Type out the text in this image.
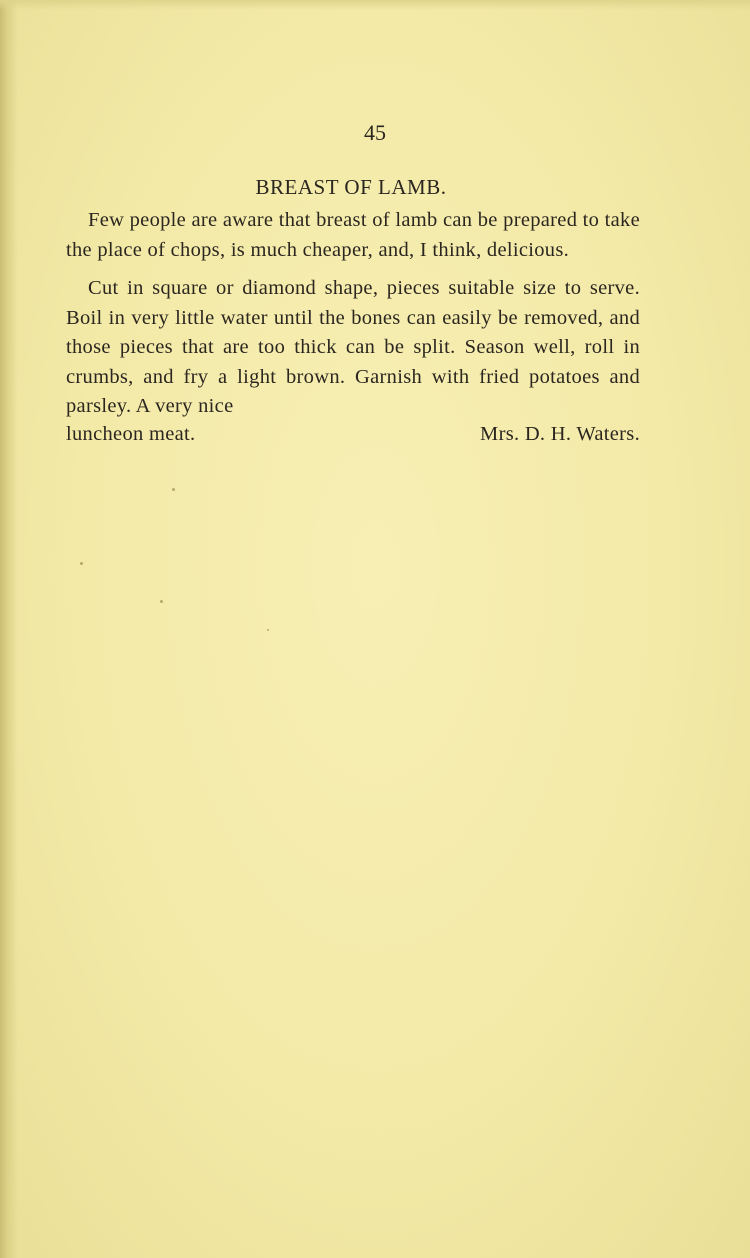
45
BREAST OF LAMB.

Few people are aware that breast of lamb can be prepared to take the place of chops, is much cheaper, and, I think, delicious.

Cut in square or diamond shape, pieces suitable size to serve. Boil in very little water until the bones can easily be removed, and those pieces that are too thick can be split. Season well, roll in crumbs, and fry a light brown. Garnish with fried potatoes and parsley. A very nice

luncheon meat.	Mrs. D. H. Waters.
